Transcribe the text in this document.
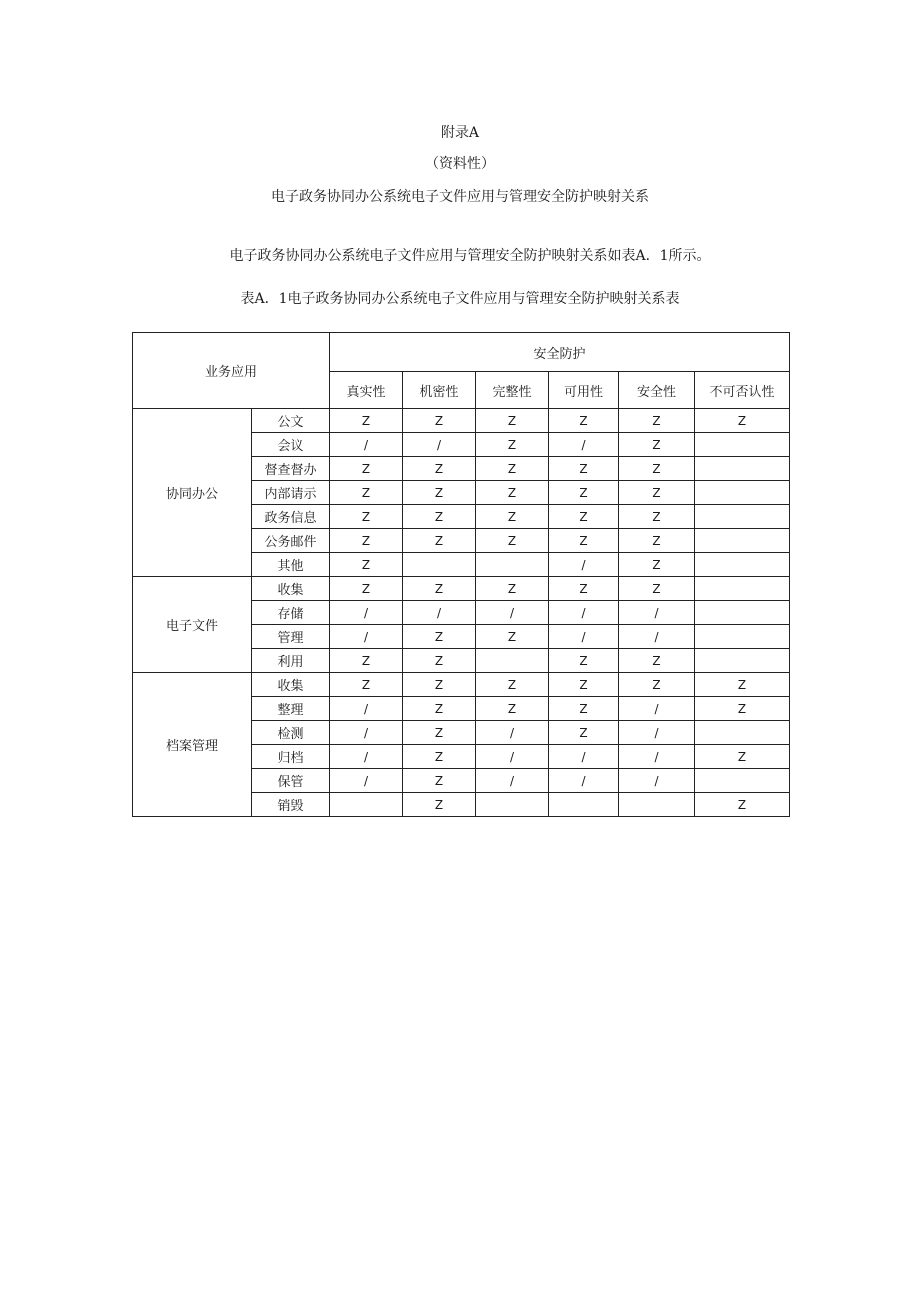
附录A
（资料性）
电子政务协同办公系统电子文件应用与管理安全防护映射关系
电子政务协同办公系统电子文件应用与管理安全防护映射关系如表A．1所示。
表A．1电子政务协同办公系统电子文件应用与管理安全防护映射关系表
业务应用		安全防护					
		真实性	机密性	完整性	可用性	安全性	不可否认性
协同办公	公文	Z	Z	Z	Z	Z	Z
	会议	/	/	Z	/	Z	
	督查督办	Z	Z	Z	Z	Z	
	内部请示	Z	Z	Z	Z	Z	
	政务信息	Z	Z	Z	Z	Z	
	公务邮件	Z	Z	Z	Z	Z	
	其他	Z			/	Z	
电子文件	收集	Z	Z	Z	Z	Z	
	存储	/	/	/	/	/	
	管理	/	Z	Z	/	/	
	利用	Z	Z		Z	Z	
档案管理	收集	Z	Z	Z	Z	Z	Z
	整理	/	Z	Z	Z	/	Z
	检测	/	Z	/	Z	/	
	归档	/	Z	/	/	/	Z
	保管	/	Z	/	/	/	
	销毁		Z				Z
